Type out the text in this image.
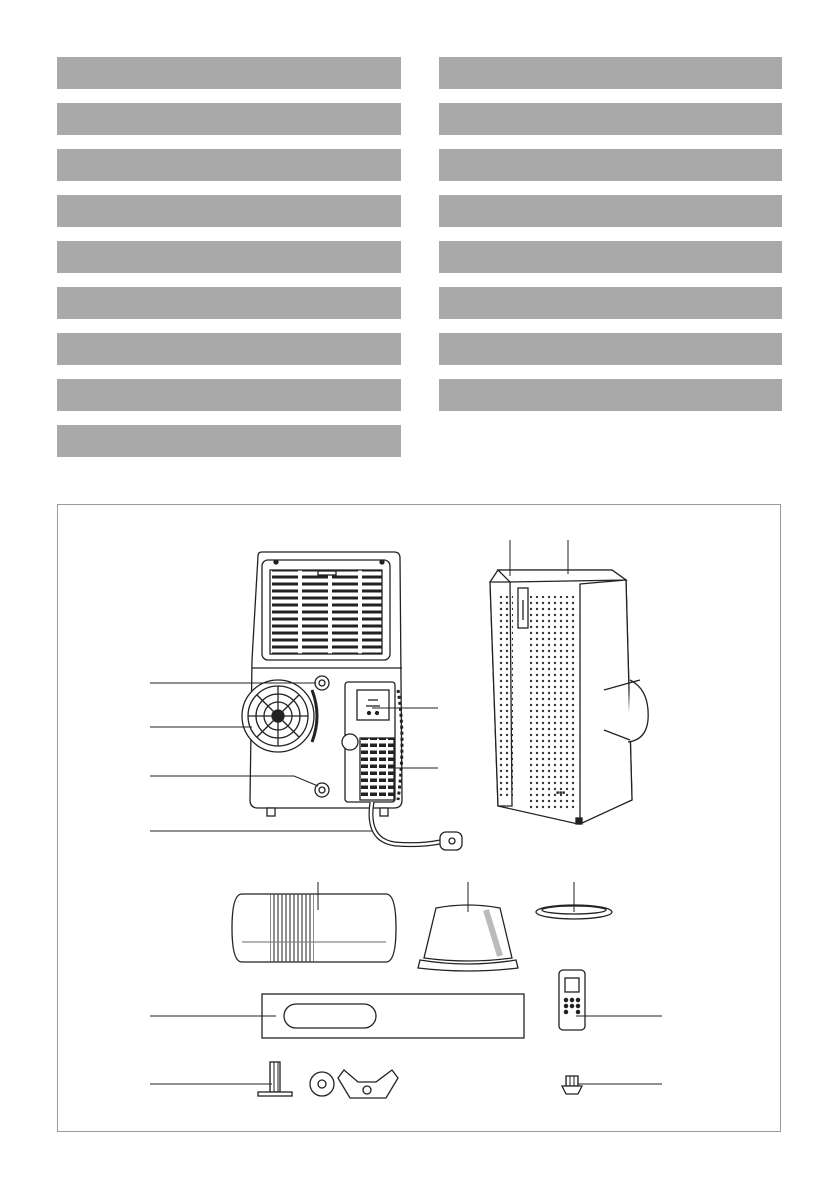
■■■
